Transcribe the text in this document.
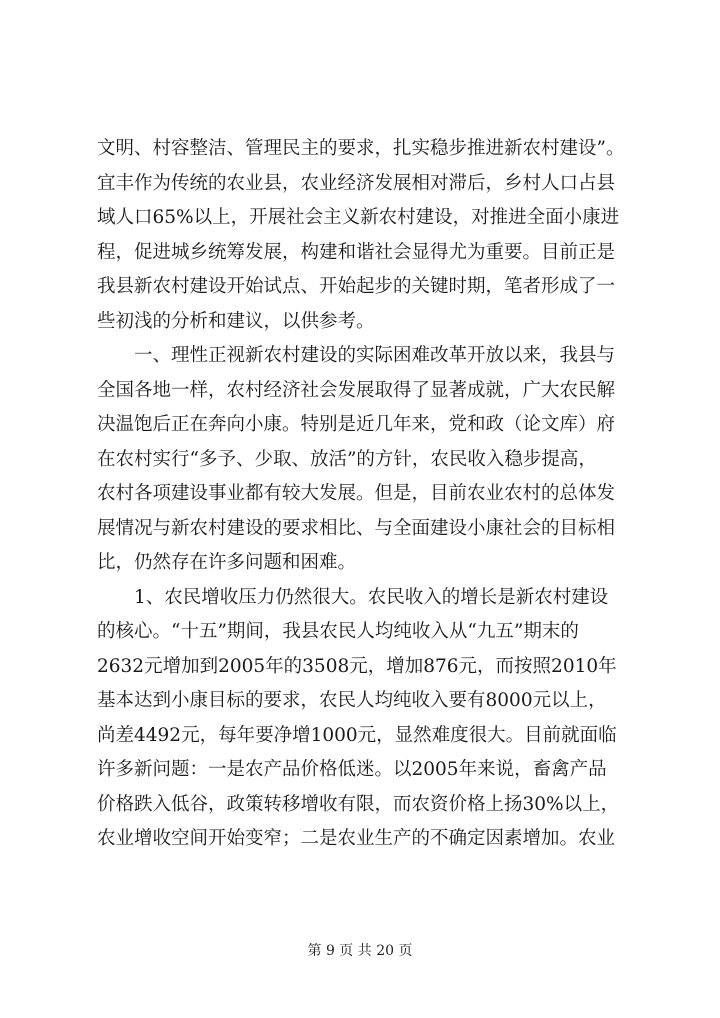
文明、村容整洁、管理民主的要求，扎实稳步推进新农村建设”。
宜丰作为传统的农业县，农业经济发展相对滞后，乡村人口占县
域人口65%以上，开展社会主义新农村建设，对推进全面小康进
程，促进城乡统筹发展，构建和谐社会显得尤为重要。目前正是
我县新农村建设开始试点、开始起步的关键时期，笔者形成了一
些初浅的分析和建议，以供参考。
一、理性正视新农村建设的实际困难改革开放以来，我县与
全国各地一样，农村经济社会发展取得了显著成就，广大农民解
决温饱后正在奔向小康。特别是近几年来，党和政（论文库）府
在农村实行“多予、少取、放活”的方针，农民收入稳步提高，
农村各项建设事业都有较大发展。但是，目前农业农村的总体发
展情况与新农村建设的要求相比、与全面建设小康社会的目标相
比，仍然存在许多问题和困难。
1、农民增收压力仍然很大。农民收入的增长是新农村建设
的核心。“十五”期间，我县农民人均纯收入从“九五”期末的
2632元增加到2005年的3508元，增加876元，而按照2010年
基本达到小康目标的要求，农民人均纯收入要有8000元以上，
尚差4492元，每年要净增1000元，显然难度很大。目前就面临
许多新问题：一是农产品价格低迷。以2005年来说，畜禽产品
价格跌入低谷，政策转移增收有限，而农资价格上扬30%以上，
农业增收空间开始变窄；二是农业生产的不确定因素增加。农业
第 9 页 共 20 页
